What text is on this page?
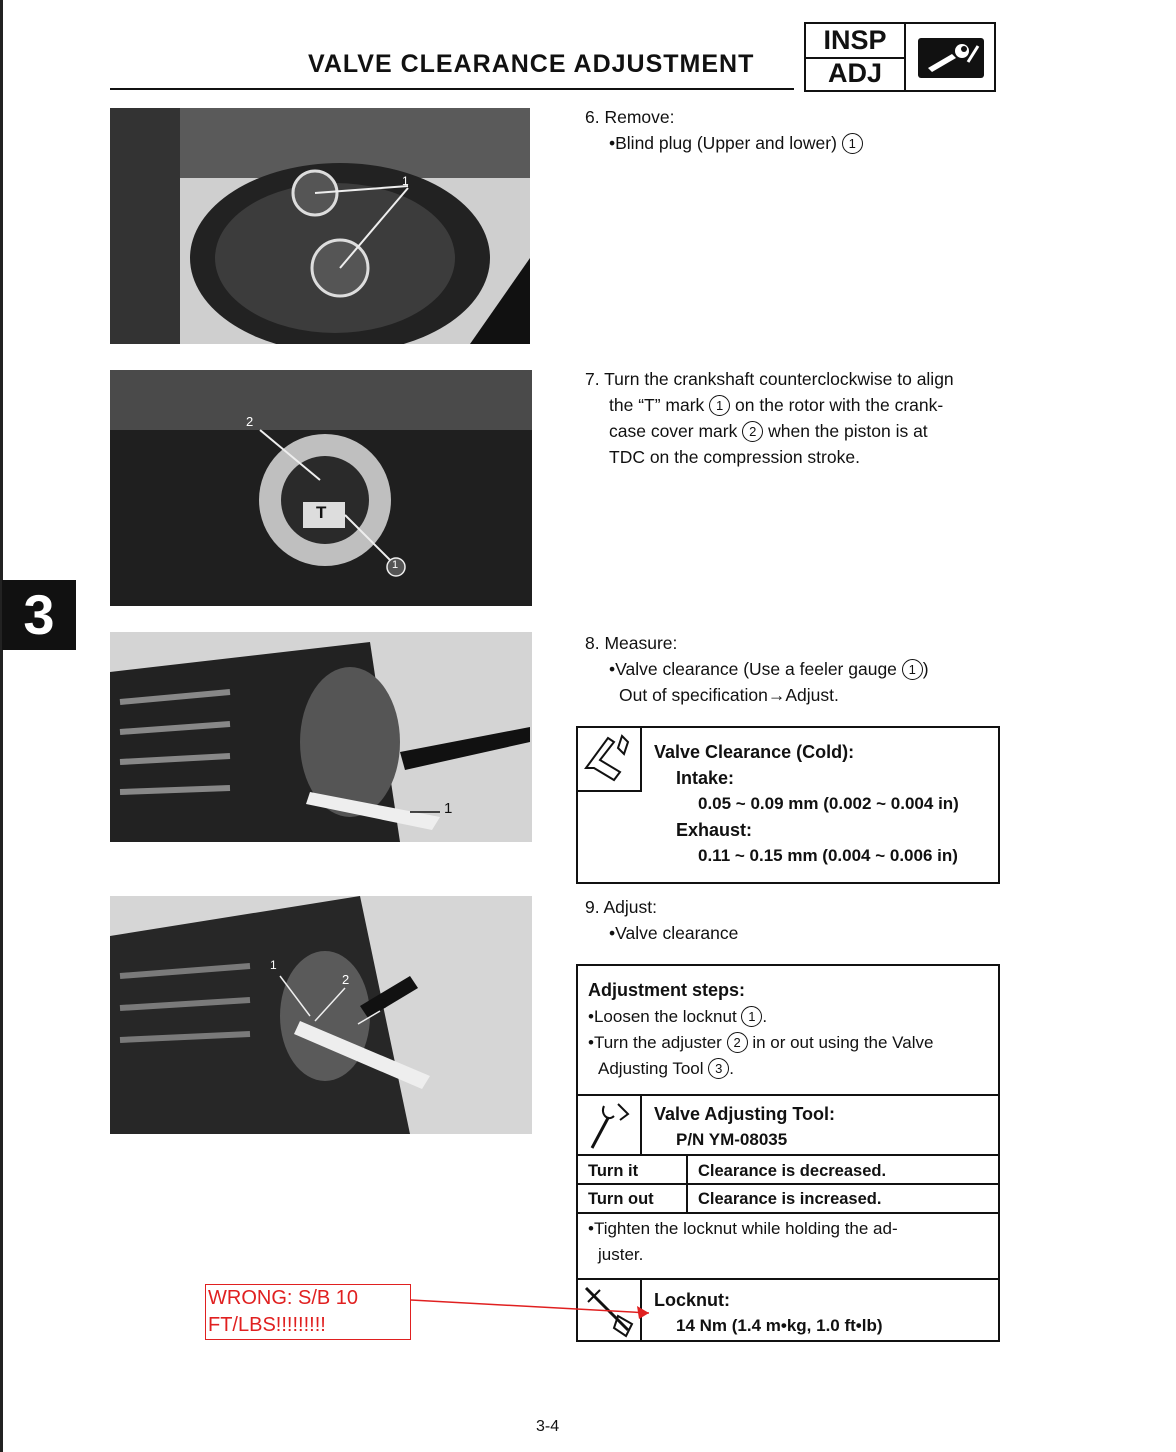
VALVE CLEARANCE ADJUSTMENT
INSP
ADJ
3
1
2
1
T
1
1
2
3

6. Remove:

•Blind plug (Upper and lower) 1

7. Turn the crankshaft counterclockwise to align

the “T” mark 1 on the rotor with the crank-

case cover mark 2 when the piston is at

TDC on the compression stroke.

8. Measure:

•Valve clearance (Use a feeler gauge 1 )

Out of specification→Adjust.

Valve Clearance (Cold):
Intake:
0.05 ~ 0.09 mm (0.002 ~ 0.004 in)
Exhaust:
0.11 ~ 0.15 mm (0.004 ~ 0.006 in)

9. Adjust:

•Valve clearance

Adjustment steps:

•Loosen the locknut 1 .

•Turn the adjuster 2 in or out using the Valve

Adjusting Tool 3 .

Valve Adjusting Tool:
P/N YM-08035
Turn it	Clearance is decreased.
Turn out	Clearance is increased.

•Tighten the locknut while holding the ad-

juster.

Locknut:
14 Nm (1.4 m•kg, 1.0 ft•lb)
WRONG: S/B 10
FT/LBS!!!!!!!!!
3-4
